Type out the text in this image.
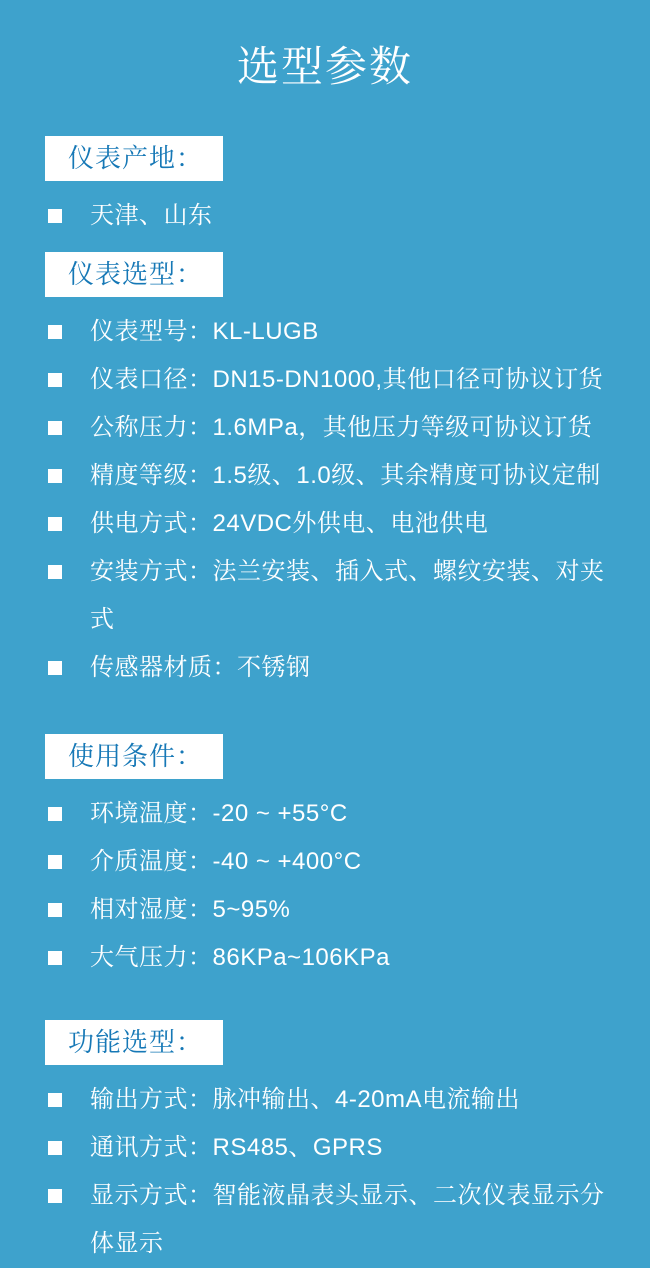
选型参数
仪表产地：
天津、山东
仪表选型：
仪表型号：KL-LUGB
仪表口径：DN15-DN1000,其他口径可协议订货
公称压力：1.6MPa，其他压力等级可协议订货
精度等级：1.5级、1.0级、其余精度可协议定制
供电方式：24VDC外供电、电池供电
安装方式：法兰安装、插入式、螺纹安装、对夹式
传感器材质：不锈钢
使用条件：
环境温度：-20 ~ +55°C
介质温度：-40 ~ +400°C
相对湿度：5~95%
大气压力：86KPa~106KPa
功能选型：
输出方式：脉冲输出、4-20mA电流输出
通讯方式：RS485、GPRS
显示方式：智能液晶表头显示、二次仪表显示分体显示
